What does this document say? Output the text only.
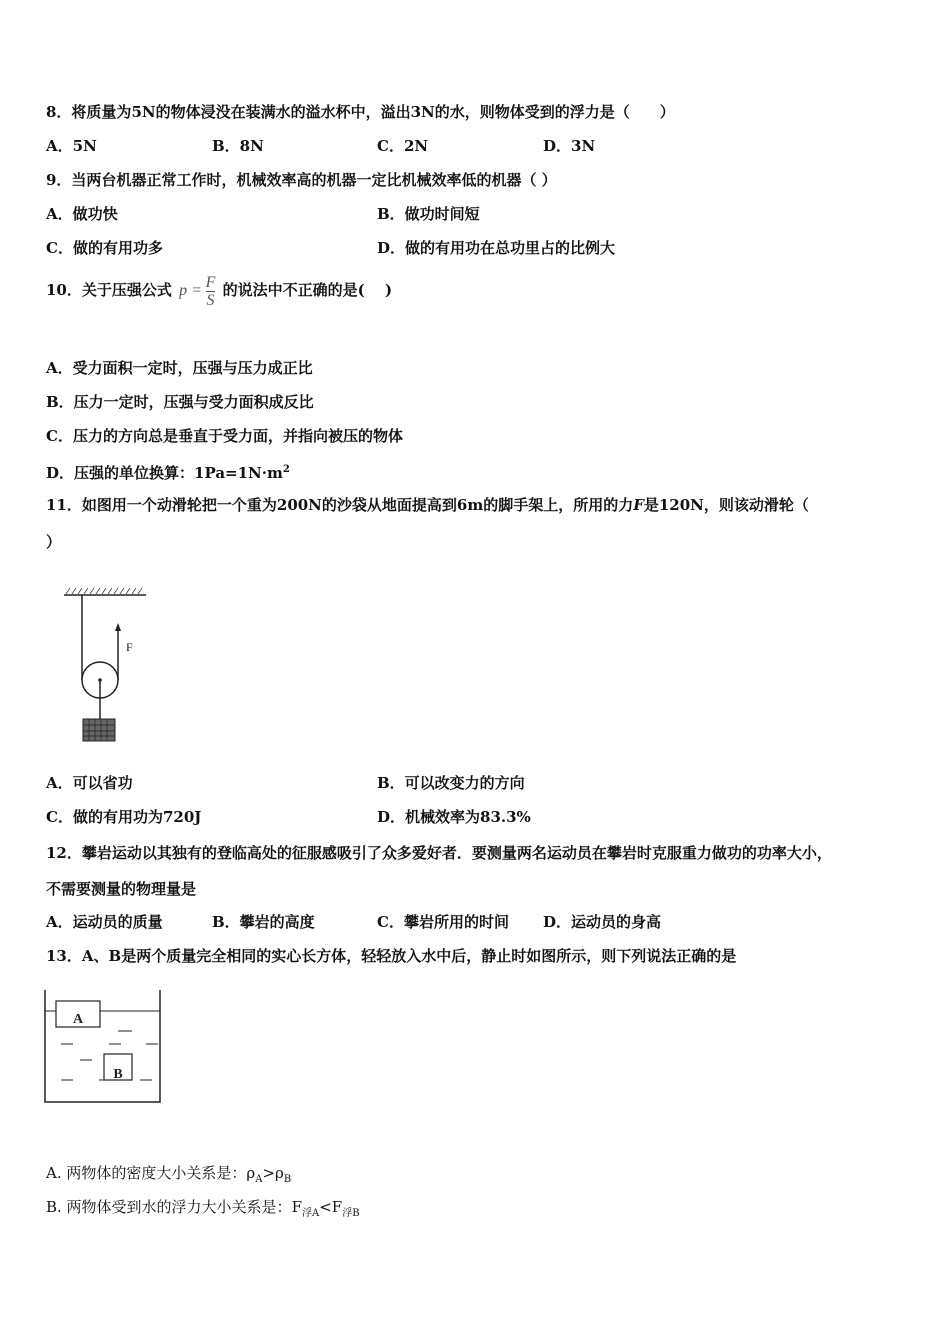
8．将质量为5N的物体浸没在装满水的溢水杯中，溢出3N的水，则物体受到的浮力是（　　）
A．5N	B．8N	C．2N	D．3N
9．当两台机器正常工作时，机械效率高的机器一定比机械效率低的机器（ ）
A．做功快	B．做功时间短
C．做的有用功多	D．做的有用功在总功里占的比例大
10．关于压强公式 $p = \frac{F}{S}$ 的说法中不正确的是(　 )
A．受力面积一定时，压强与压力成正比
B．压力一定时，压强与受力面积成反比
C．压力的方向总是垂直于受力面，并指向被压的物体
D．压强的单位换算：$1Pa=1N\cdot m^2$
11．如图用一个动滑轮把一个重为200N的沙袋从地面提高到6m的脚手架上，所用的力F是120N，则该动滑轮（
）
F
A．可以省功	B．可以改变力的方向
C．做的有用功为720J	D．机械效率为83.3%
12．攀岩运动以其独有的登临高处的征服感吸引了众多爱好者．要测量两名运动员在攀岩时克服重力做功的功率大小，
不需要测量的物理量是
A．运动员的质量	B．攀岩的高度	C．攀岩所用的时间 D．运动员的身高
13．A、B是两个质量完全相同的实心长方体，轻轻放入水中后，静止时如图所示，则下列说法正确的是
A
B
A. 两物体的密度大小关系是：$\rho_A>\rho_B$
B. 两物体受到水的浮力大小关系是：$F_{浮A}<F_{浮B}$
